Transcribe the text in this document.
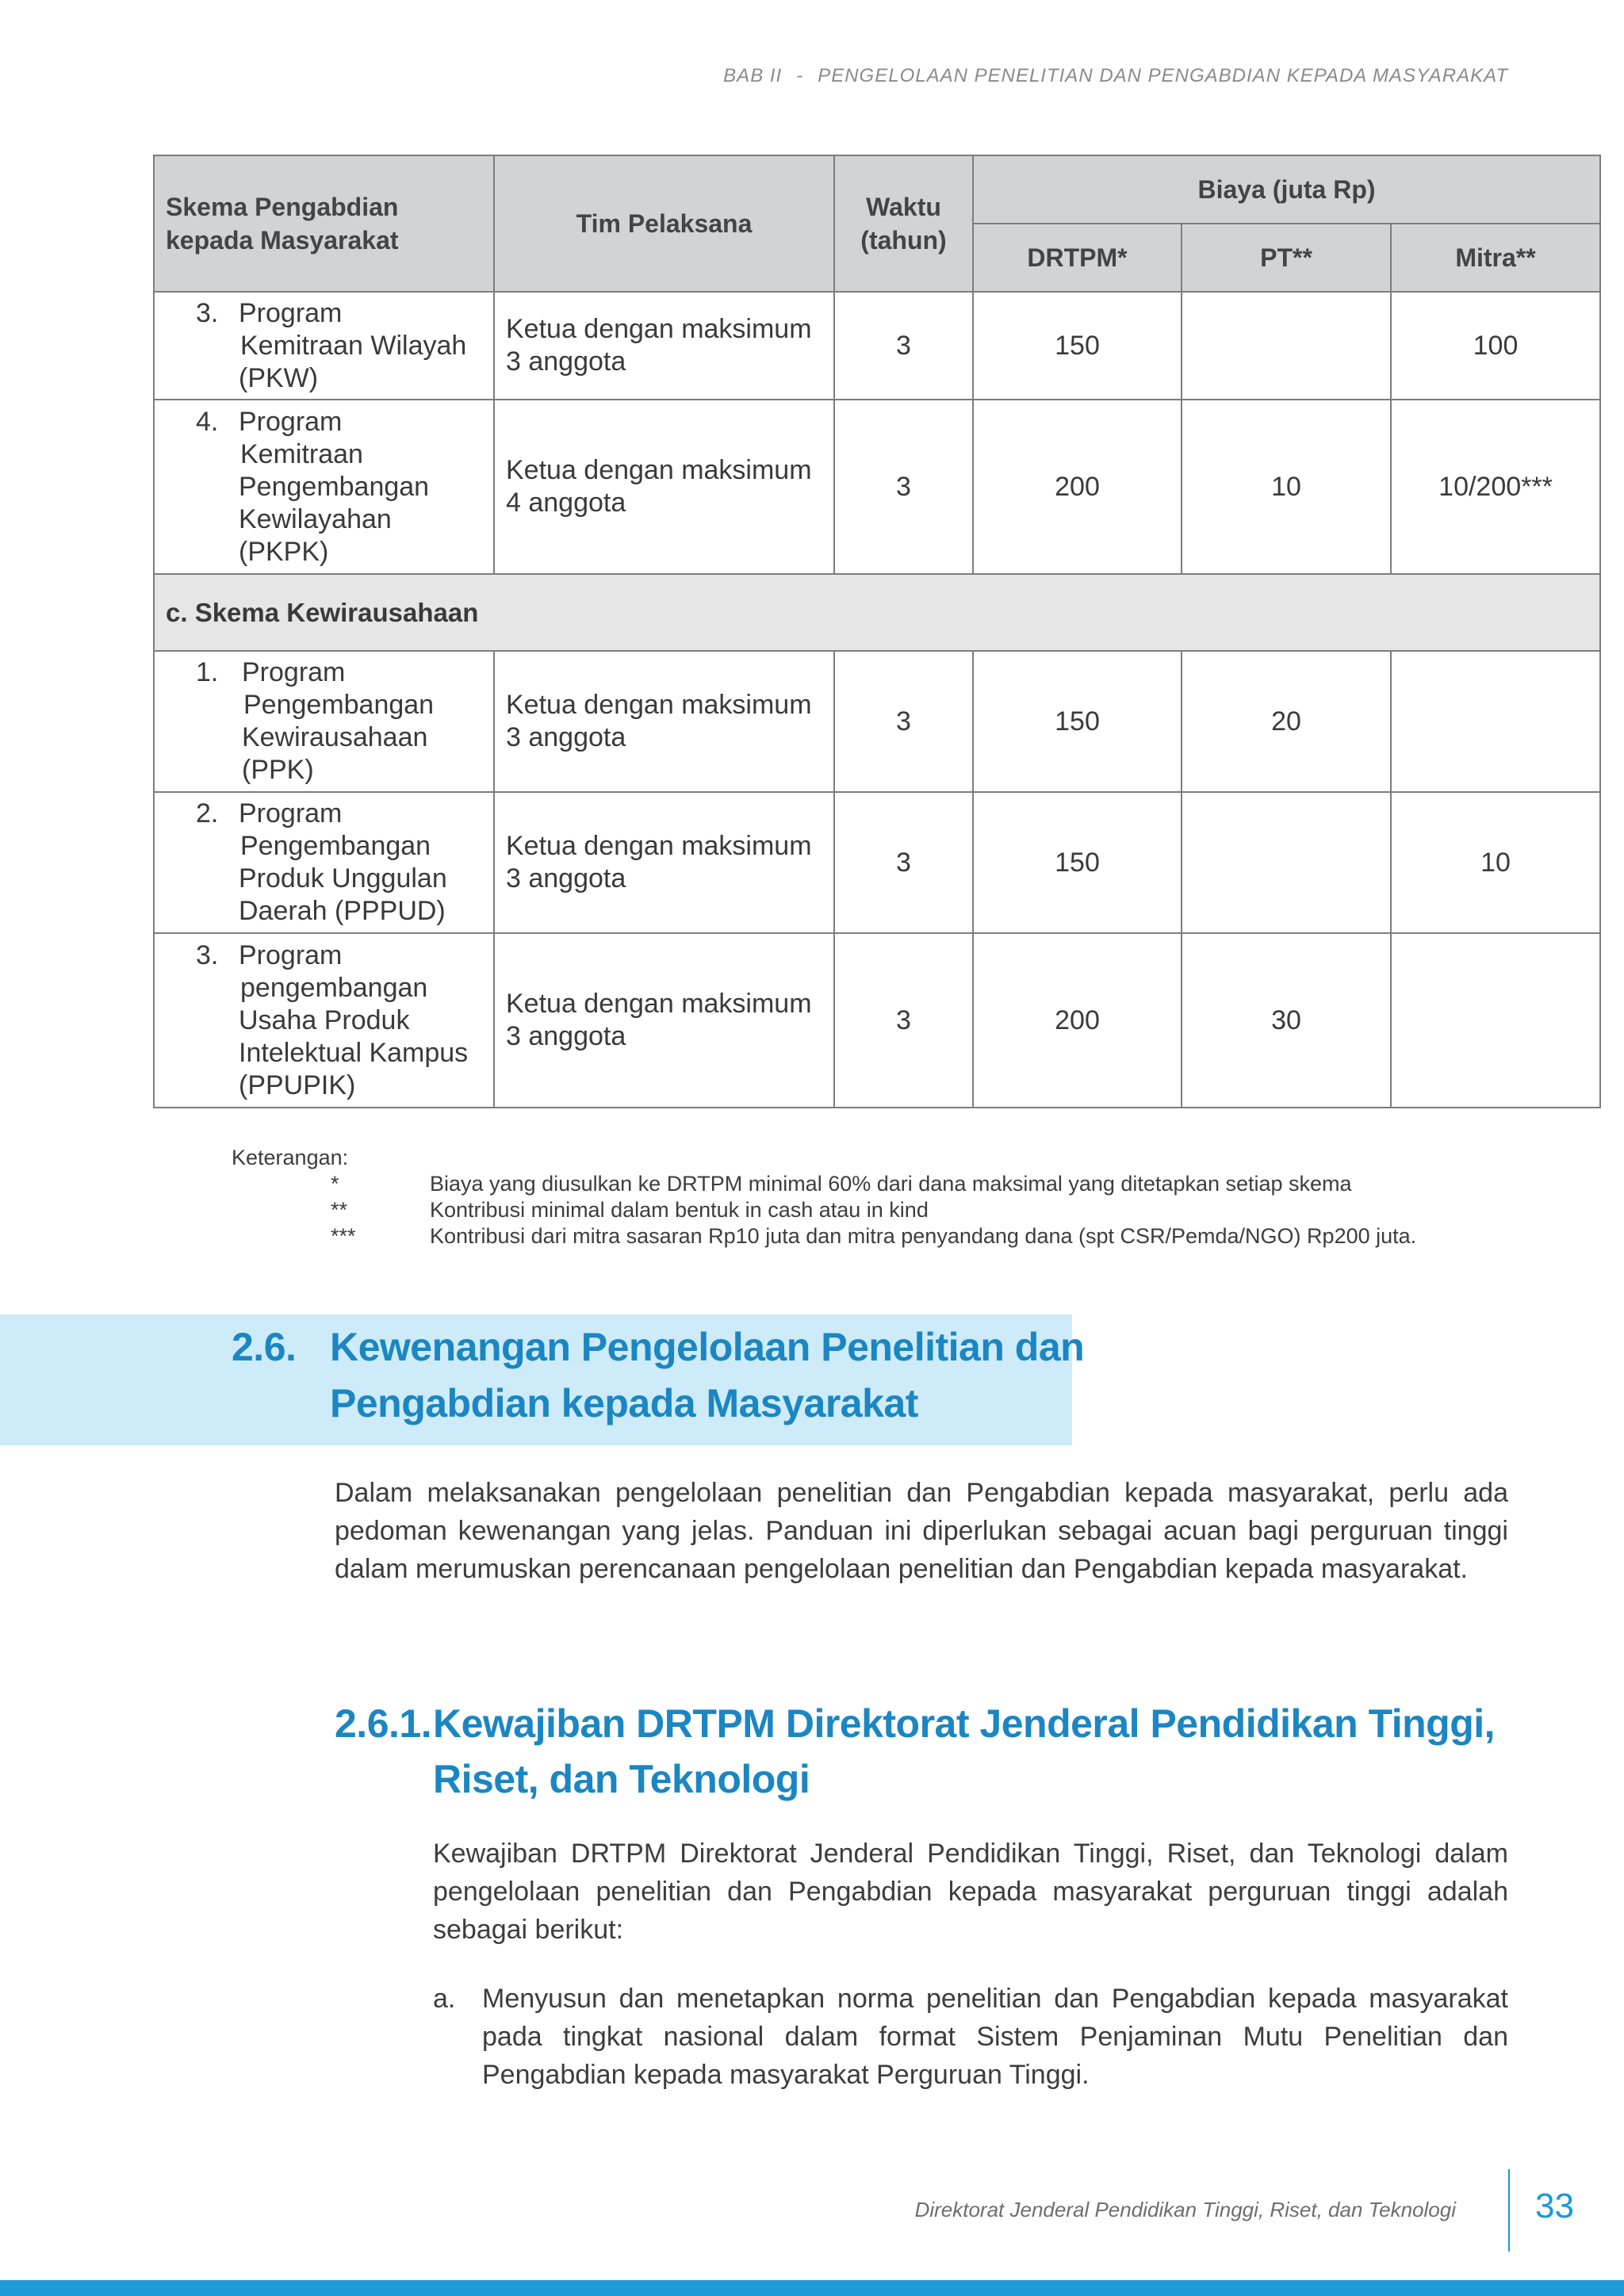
BAB II - PENGELOLAAN PENELITIAN DAN PENGABDIAN KEPADA MASYARAKAT
Skema Pengabdian kepada Masyarakat	Tim Pelaksana	Waktu (tahun)	Biaya (juta Rp)		
			DRTPM*	PT**	Mitra**

3. Program
Kemitraan Wilayah (PKW)	Ketua dengan maksimum 3 anggota	3	150		100

4. Program
Kemitraan Pengembangan Kewilayahan (PKPK)	Ketua dengan maksimum 4 anggota	3	200	10	10/200***
c. Skema Kewirausahaan					

1. Program
Pengembangan Kewirausahaan (PPK)	Ketua dengan maksimum 3 anggota	3	150	20	

2. Program
Pengembangan Produk Unggulan Daerah (PPPUD)	Ketua dengan maksimum 3 anggota	3	150		10

3. Program
pengembangan Usaha Produk Intelektual Kampus (PPUPIK)	Ketua dengan maksimum 3 anggota	3	200	30	
Keterangan:
*	Biaya yang diusulkan ke DRTPM minimal 60% dari dana maksimal yang ditetapkan setiap skema
**	Kontribusi minimal dalam bentuk in cash atau in kind
***	Kontribusi dari mitra sasaran Rp10 juta dan mitra penyandang dana (spt CSR/Pemda/NGO) Rp200 juta.
2.6. Kewenangan Pengelolaan Penelitian dan
Pengabdian kepada Masyarakat
Dalam melaksanakan pengelolaan penelitian dan Pengabdian kepada masyarakat, perlu ada pedoman kewenangan yang jelas. Panduan ini diperlukan sebagai acuan bagi perguruan tinggi dalam merumuskan perencanaan pengelolaan penelitian dan Pengabdian kepada masyarakat.
2.6.1.Kewajiban DRTPM Direktorat Jenderal Pendidikan Tinggi,
Riset, dan Teknologi
Kewajiban DRTPM Direktorat Jenderal Pendidikan Tinggi, Riset, dan Teknologi dalam pengelolaan penelitian dan Pengabdian kepada masyarakat perguruan tinggi adalah sebagai berikut:
a. Menyusun dan menetapkan norma penelitian dan Pengabdian kepada masyarakat pada tingkat nasional dalam format Sistem Penjaminan Mutu Penelitian dan Pengabdian kepada masyarakat Perguruan Tinggi.
Direktorat Jenderal Pendidikan Tinggi, Riset, dan Teknologi 33
